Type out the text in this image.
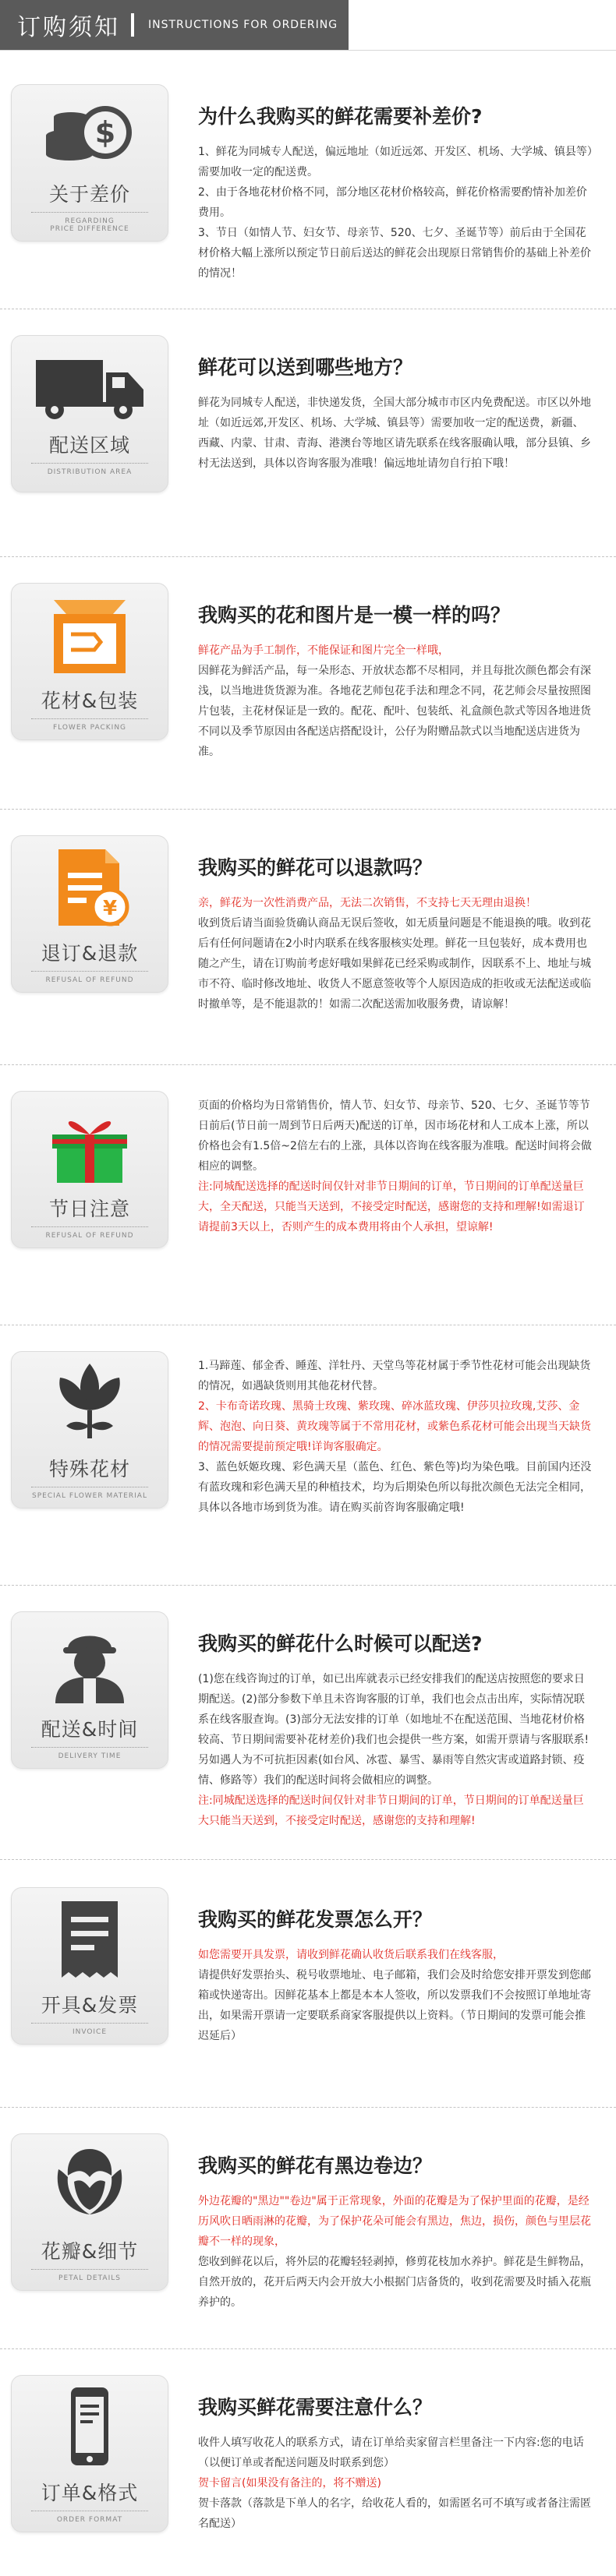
订购须知	INSTRUCTIONS FOR ORDERING
$
关于差价
REGARDING
PRICE DIFFERENCE
为什么我购买的鲜花需要补差价?

1、鲜花为同城专人配送，偏远地址（如近远郊、开发区、机场、大学城、镇县等）需要加收一定的配送费。

2、由于各地花材价格不同，部分地区花材价格较高，鲜花价格需要酌情补加差价费用。

3、节日（如情人节、妇女节、母亲节、520、七夕、圣诞节等）前后由于全国花材价格大幅上涨所以预定节日前后送达的鲜花会出现原日常销售价的基础上补差价的情况！

配送区域
DISTRIBUTION AREA
鲜花可以送到哪些地方？

鲜花为同城专人配送，非快递发货，全国大部分城市市区内免费配送。市区以外地址（如近远郊,开发区、机场、大学城、镇县等）需要加收一定的配送费，新疆、西藏、内蒙、甘肃、青海、港澳台等地区请先联系在线客服确认哦，部分县镇、乡村无法送到，具体以咨询客服为准哦！偏远地址请勿自行拍下哦！

花材&包装
FLOWER PACKING
我购买的花和图片是一模一样的吗？

鲜花产品为手工制作，不能保证和图片完全一样哦，

因鲜花为鲜活产品，每一朵形态、开放状态都不尽相同，并且每批次颜色都会有深浅，以当地进货货源为准。各地花艺师包花手法和理念不同，花艺师会尽量按照图片包装，主花材保证是一致的。配花、配叶、包装纸、礼盒颜色款式等因各地进货不同以及季节原因由各配送店搭配设计，公仔为附赠品款式以当地配送店进货为准。

¥
退订&退款
REFUSAL OF REFUND
我购买的鲜花可以退款吗？

亲，鲜花为一次性消费产品，无法二次销售，不支持七天无理由退换！

收到货后请当面验货确认商品无误后签收，如无质量问题是不能退换的哦。收到花后有任何问题请在2小时内联系在线客服核实处理。鲜花一旦包装好，成本费用也随之产生，请在订购前考虑好哦如果鲜花已经采购或制作，因联系不上、地址与城市不符、临时修改地址、收货人不愿意签收等个人原因造成的拒收或无法配送或临时撤单等，是不能退款的！如需二次配送需加收服务费，请谅解！

节日注意
REFUSAL OF REFUND

页面的价格均为日常销售价，情人节、妇女节、母亲节、520、七夕、圣诞节等节日前后(节日前一周到节日后两天)配送的订单，因市场花材和人工成本上涨，所以价格也会有1.5倍~2倍左右的上涨，具体以咨询在线客服为准哦。配送时间将会做相应的调整。

注:同城配送选择的配送时间仅针对非节日期间的订单，节日期间的订单配送量巨大，全天配送，只能当天送到，不接受定时配送，感谢您的支持和理解!如需退订请提前3天以上，否则产生的成本费用将由个人承担，望谅解!

特殊花材
SPECIAL FLOWER MATERIAL

1.马蹄莲、郁金香、睡莲、洋牡丹、天堂鸟等花材属于季节性花材可能会出现缺货的情况，如遇缺货则用其他花材代替。

2、卡布奇诺玫瑰、黑骑士玫瑰、紫玫瑰、碎冰蓝玫瑰、伊莎贝拉玫瑰,艾莎、金辉、泡泡、向日葵、黄玫瑰等属于不常用花材，或紫色系花材可能会出现当天缺货的情况需要提前预定哦!详询客服确定。

3、蓝色妖姬玫瑰、彩色满天星（蓝色、红色、紫色等)均为染色哦。目前国内还没有蓝玫瑰和彩色满天星的种植技术，均为后期染色所以每批次颜色无法完全相同，具体以各地市场到货为准。请在购买前咨询客服确定哦!

配送&时间
DELIVERY TIME
我购买的鲜花什么时候可以配送?

(1)您在线咨询过的订单，如已出库就表示已经安排我们的配送店按照您的要求日期配送。(2)部分参数下单且未咨询客服的订单，我们也会点击出库，实际情况联系在线客服查询。(3)部分无法安排的订单（如地址不在配送范围、当地花材价格较高、节日期间需要补花材差价)我们也会提供一些方案，如需开票请与客服联系!另如遇人为不可抗拒因素(如台风、冰雹、暴雪、暴雨等自然灾害或道路封锁、疫情、修路等）我们的配送时间将会做相应的调整。

注:同城配送选择的配送时间仅针对非节日期间的订单，节日期间的订单配送量巨大只能当天送到，不接受定时配送，感谢您的支持和理解!

开具&发票
INVOICE
我购买的鲜花发票怎么开？

如您需要开具发票，请收到鲜花确认收货后联系我们在线客服，

请提供好发票抬头、税号收票地址、电子邮箱，我们会及时给您安排开票发到您邮箱或快递寄出。因鲜花基本上都是本本人签收，所以发票我们不会按照订单地址寄出，如果需开票请一定要联系商家客服提供以上资料。（节日期间的发票可能会推迟延后）

花瓣&细节
PETAL DETAILS
我购买的鲜花有黑边卷边？

外边花瓣的"黑边""卷边"属于正常现象，外面的花瓣是为了保护里面的花瓣，是经历风吹日晒雨淋的花瓣，为了保护花朵可能会有黑边，焦边，损伤，颜色与里层花瓣不一样的现象，

您收到鲜花以后，将外层的花瓣轻轻剥掉，修剪花枝加水养护。鲜花是生鲜物品，自然开放的，花开后两天内会开放大小根据门店备货的，收到花需要及时插入花瓶养护的。

订单&格式
ORDER FORMAT
我购买鲜花需要注意什么？

收件人填写收花人的联系方式，请在订单给卖家留言栏里备注一下内容:您的电话（以便订单或者配送问题及时联系到您）

贺卡留言(如果没有备注的，将不赠送)

贺卡落款（落款是下单人的名字，给收花人看的，如需匿名可不填写或者备注需匿名配送）
